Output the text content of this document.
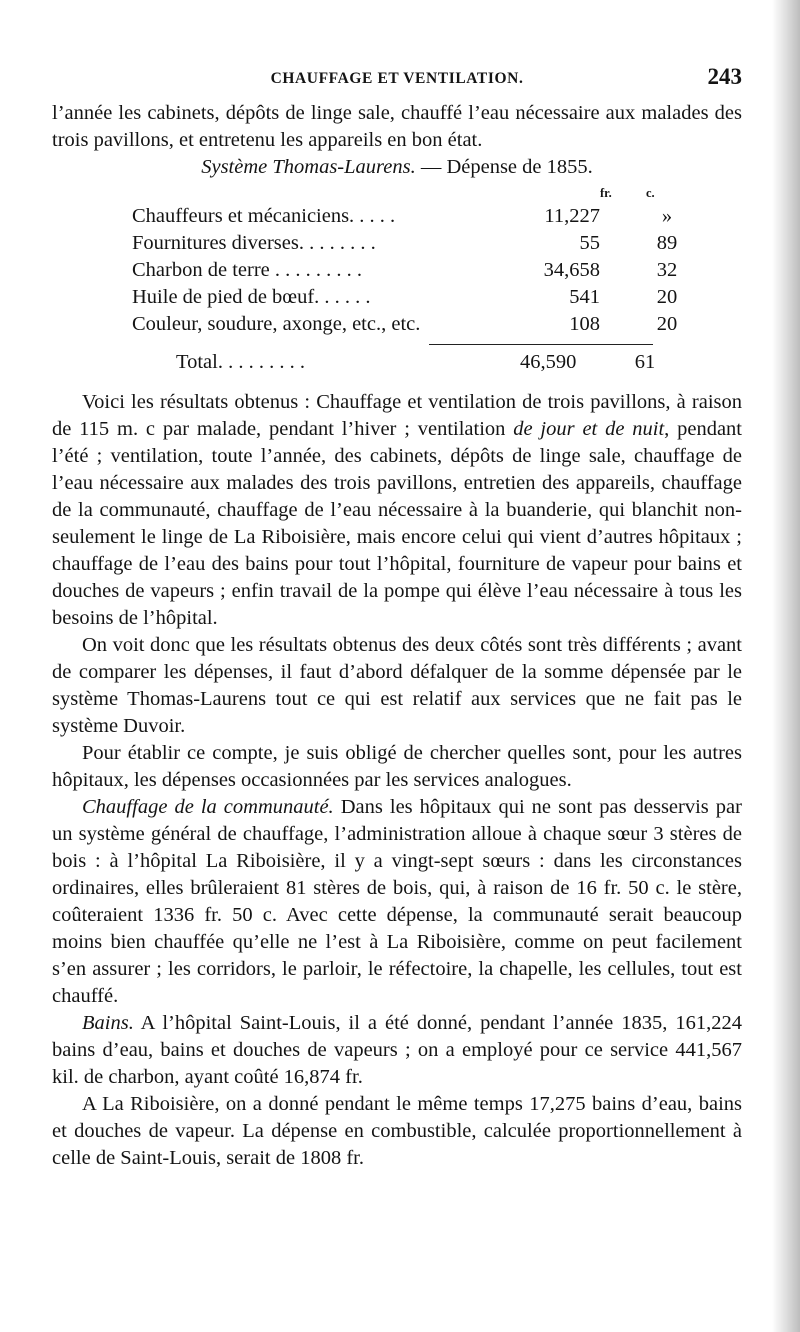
CHAUFFAGE ET VENTILATION.	243

l’année les cabinets, dépôts de linge sale, chauffé l’eau nécessaire aux malades des trois pavillons, et entretenu les appareils en bon état.

Système Thomas-Laurens. — Dépense de 1855.
fr.	c.
Chauffeurs et mécaniciens. . . . .	11,227	»
Fournitures diverses. . . . . . . .	55	89
Charbon de terre . . . . . . . . .	34,658	32
Huile de pied de bœuf. . . . . .	541	20
Couleur, soudure, axonge, etc., etc.	108	20
Total. . . . . . . . .	46,590	61

Voici les résultats obtenus : Chauffage et ventilation de trois pavillons, à raison de 115 m. c par malade, pendant l’hiver ; ventilation de jour et de nuit, pendant l’été ; ventilation, toute l’année, des cabinets, dépôts de linge sale, chauffage de l’eau nécessaire aux malades des trois pavillons, entretien des appareils, chauffage de la communauté, chauffage de l’eau nécessaire à la buanderie, qui blanchit non-seulement le linge de La Riboisière, mais encore celui qui vient d’autres hôpitaux ; chauffage de l’eau des bains pour tout l’hôpital, fourniture de vapeur pour bains et douches de vapeurs ; enfin travail de la pompe qui élève l’eau nécessaire à tous les besoins de l’hôpital.

On voit donc que les résultats obtenus des deux côtés sont très différents ; avant de comparer les dépenses, il faut d’abord défalquer de la somme dépensée par le système Thomas-Laurens tout ce qui est relatif aux services que ne fait pas le système Duvoir.

Pour établir ce compte, je suis obligé de chercher quelles sont, pour les autres hôpitaux, les dépenses occasionnées par les services analogues.

Chauffage de la communauté. Dans les hôpitaux qui ne sont pas desservis par un système général de chauffage, l’administration alloue à chaque sœur 3 stères de bois : à l’hôpital La Riboisière, il y a vingt-sept sœurs : dans les circonstances ordinaires, elles brûleraient 81 stères de bois, qui, à raison de 16 fr. 50 c. le stère, coûteraient 1336 fr. 50 c. Avec cette dépense, la communauté serait beaucoup moins bien chauffée qu’elle ne l’est à La Riboisière, comme on peut facilement s’en assurer ; les corridors, le parloir, le réfectoire, la chapelle, les cellules, tout est chauffé.

Bains. A l’hôpital Saint-Louis, il a été donné, pendant l’année 1835, 161,224 bains d’eau, bains et douches de vapeurs ; on a employé pour ce service 441,567 kil. de charbon, ayant coûté 16,874 fr.

A La Riboisière, on a donné pendant le même temps 17,275 bains d’eau, bains et douches de vapeur. La dépense en combustible, calculée proportionnellement à celle de Saint-Louis, serait de 1808 fr.
